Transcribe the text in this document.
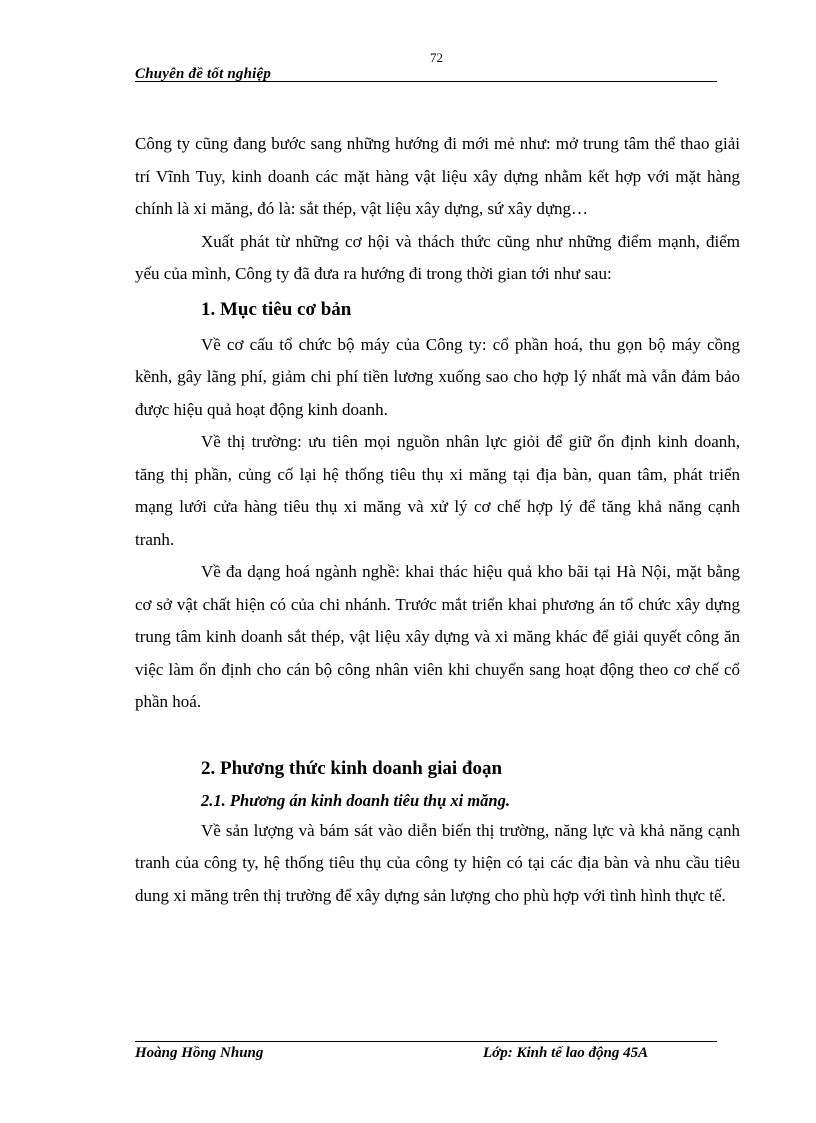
72
Chuyên đề tốt nghiệp

Công ty cũng đang bước sang những hướng đi mới mẻ như: mở trung tâm thể thao giải trí Vĩnh Tuy, kinh doanh các mặt hàng vật liệu xây dựng nhằm kết hợp với mặt hàng chính là xi măng, đó là: sắt thép, vật liệu xây dựng, sứ xây dựng…

Xuất phát từ những cơ hội và thách thức cũng như những điểm mạnh, điểm yếu của mình, Công ty đã đưa ra hướng đi trong thời gian tới như sau:

1. Mục tiêu cơ bản

Về cơ cấu tổ chức bộ máy của Công ty: cổ phần hoá, thu gọn bộ máy cồng kềnh, gây lãng phí, giảm chi phí tiền lương xuống sao cho hợp lý nhất mà vẫn đảm bảo được hiệu quả hoạt động kinh doanh.

Về thị trường: ưu tiên mọi nguồn nhân lực giỏi để giữ ổn định kinh doanh, tăng thị phần, củng cố lại hệ thống tiêu thụ xi măng tại địa bàn, quan tâm, phát triển mạng lưới cửa hàng tiêu thụ xi măng và xử lý cơ chế hợp lý để tăng khả năng cạnh tranh.

Về đa dạng hoá ngành nghề: khai thác hiệu quả kho bãi tại Hà Nội, mặt bằng cơ sở vật chất hiện có của chi nhánh. Trước mắt triển khai phương án tổ chức xây dựng trung tâm kinh doanh sắt thép, vật liệu xây dựng và xi măng khác để giải quyết công ăn việc làm ổn định cho cán bộ công nhân viên khi chuyển sang hoạt động theo cơ chế cổ phần hoá.

2. Phương thức kinh doanh giai đoạn
2.1. Phương án kinh doanh tiêu thụ xi măng.

Về sản lượng và bám sát vào diễn biến thị trường, năng lực và khả năng cạnh tranh của công ty, hệ thống tiêu thụ của công ty hiện có tại các địa bàn và nhu cầu tiêu dung xi măng trên thị trường để xây dựng sản lượng cho phù hợp với tình hình thực tế.

Hoàng Hồng Nhung	Lớp: Kinh tế lao động 45A
